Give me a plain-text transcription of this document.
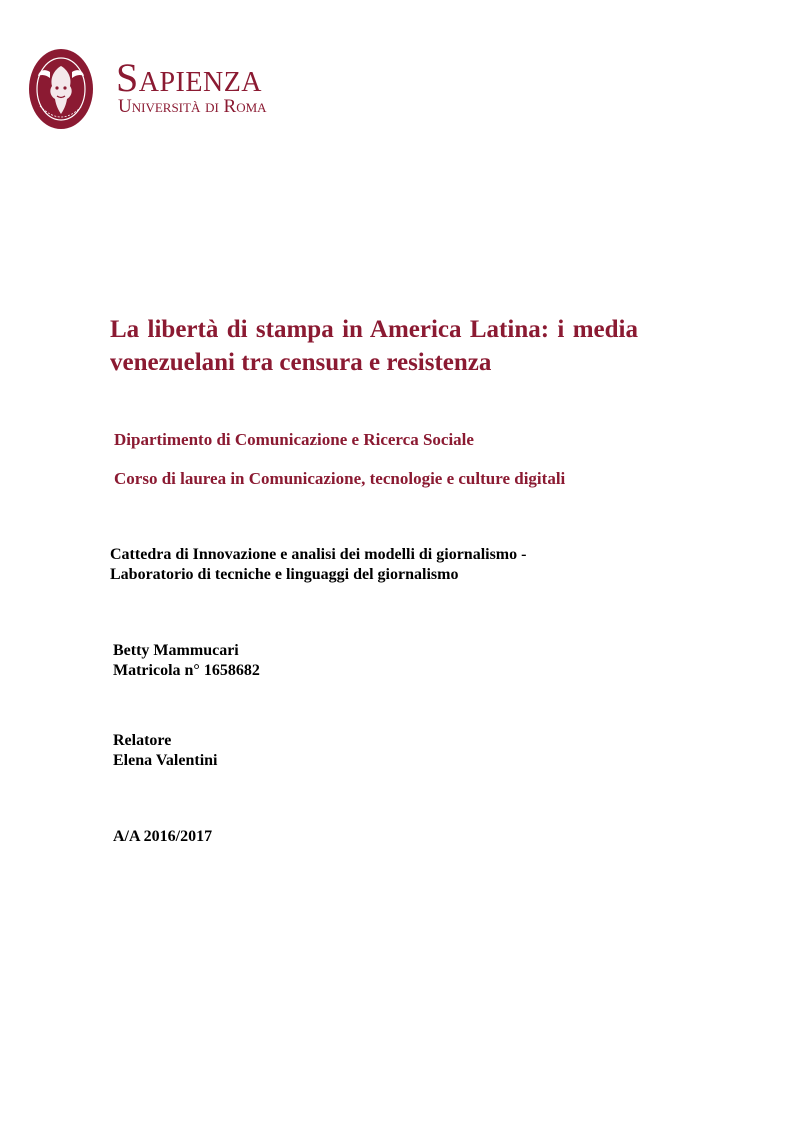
Sapienza
Università di Roma
La libertà di stampa in America Latina: i media venezuelani tra censura e resistenza
Dipartimento di Comunicazione e Ricerca Sociale
Corso di laurea in Comunicazione, tecnologie e culture digitali
Cattedra di Innovazione e analisi dei modelli di giornalismo -
Laboratorio di tecniche e linguaggi del giornalismo
Betty Mammucari
Matricola n° 1658682
Relatore
Elena Valentini
A/A 2016/2017
